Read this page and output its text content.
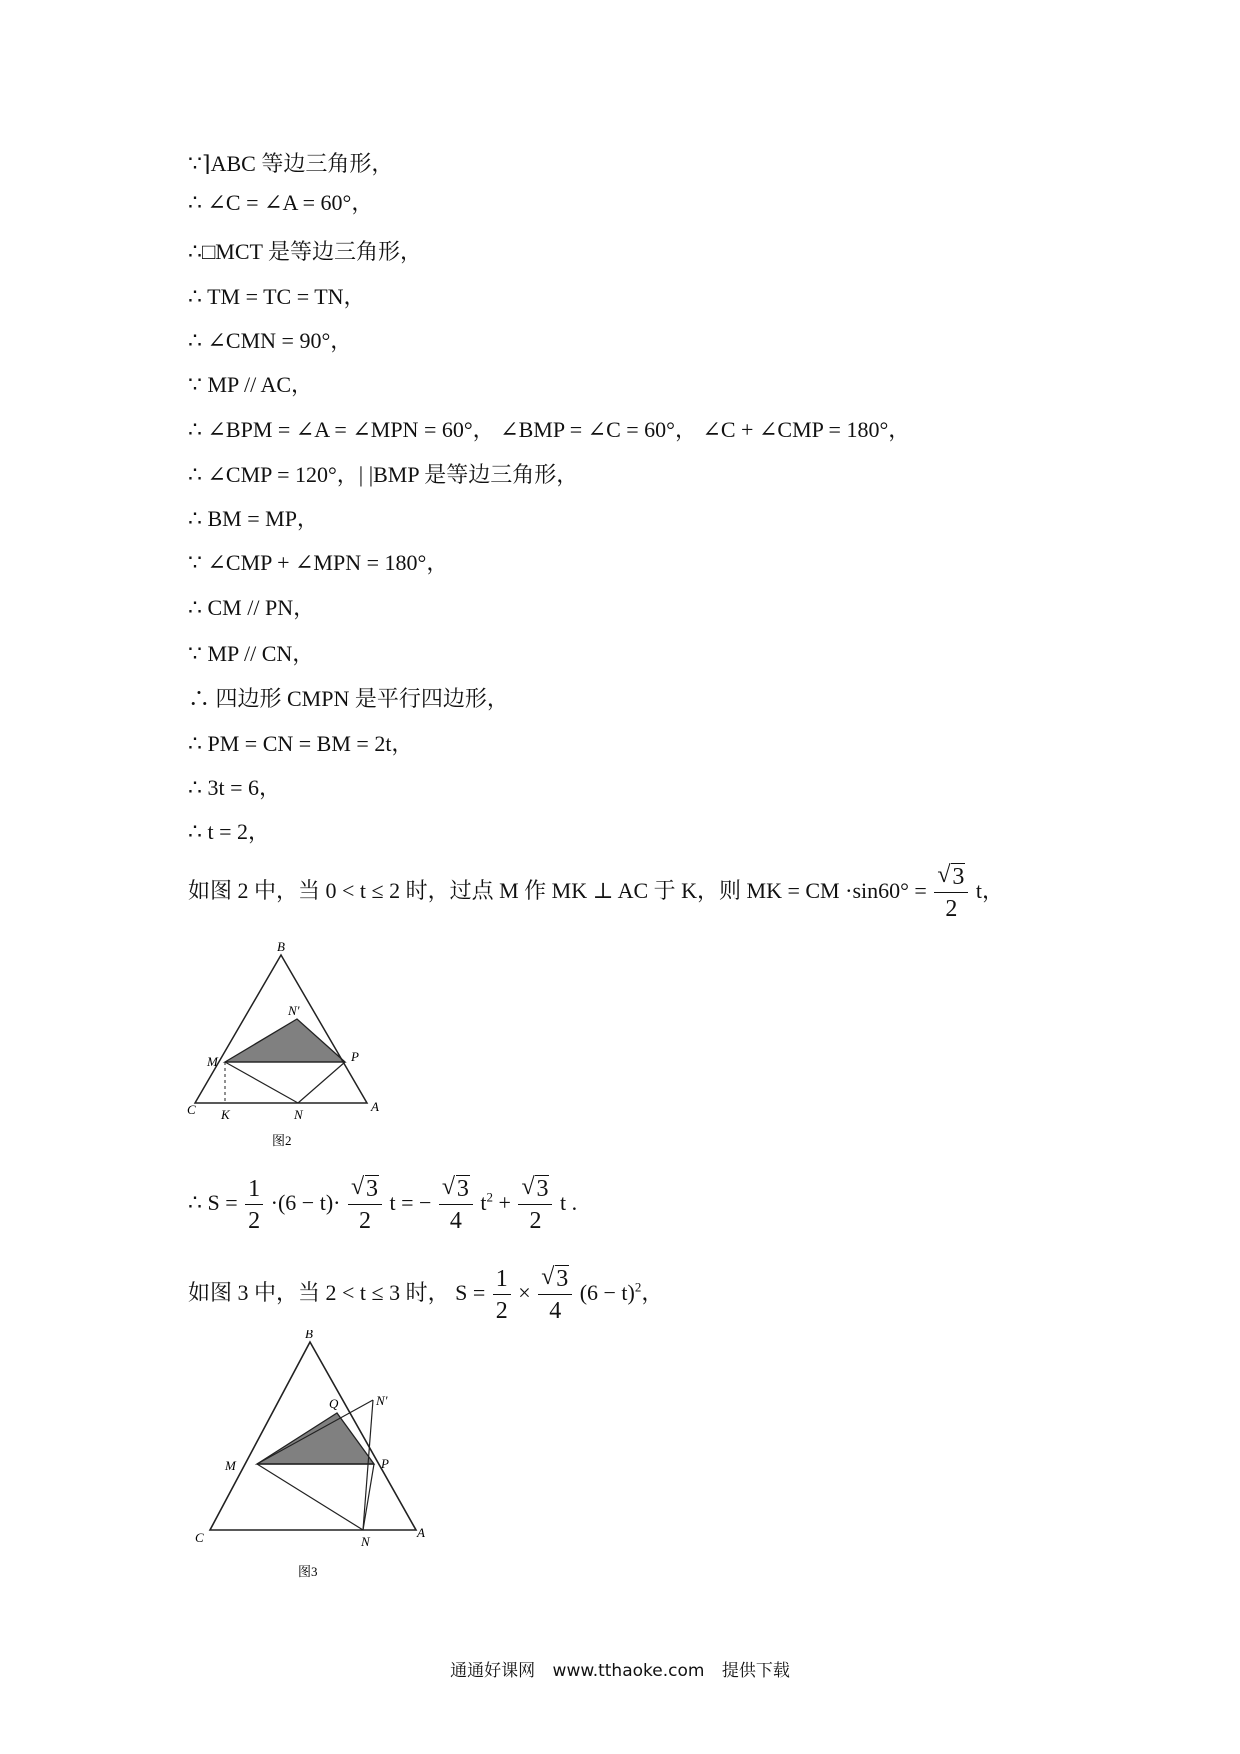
∵⌉ABC 等边三角形，
∴ ∠C = ∠A = 60°，
∴□MCT 是等边三角形，
∴ TM = TC = TN，
∴ ∠CMN = 90°，
∵ MP // AC，
∴ ∠BPM = ∠A = ∠MPN = 60°， ∠BMP = ∠C = 60°， ∠C + ∠CMP = 180°，
∴ ∠CMP = 120°，| |BMP 是等边三角形，
∴ BM = MP，
∵ ∠CMP + ∠MPN = 180°，
∴ CM // PN，
∵ MP // CN，
∴ 四边形 CMPN 是平行四边形，
∴ PM = CN = BM = 2t，
∴ 3t = 6，
∴ t = 2，
如图 2 中，当 0 < t ≤ 2 时，过点 M 作 MK ⊥ AC 于 K，则 MK = CM ·sin60° = √ $\frac{3}{2}$ t，
B
N'
M	P
C K	N
A
图2
∴ $S = \frac{1}{2} \cdot(6 - t)\cdot$ √ $\frac{3}{2}$ t = − √ $\frac{3}{4} t^2$ + √ $\frac{3}{2}$ t .
如图 3 中，当 2 < t ≤ 3 时， $S = \frac{1}{2}$ × √ $\frac{3}{4} (6 - t)^2$，
B
Q	N'
M	P
C	N
A
图3
通通好课网 www.tthaoke.com 提供下载
